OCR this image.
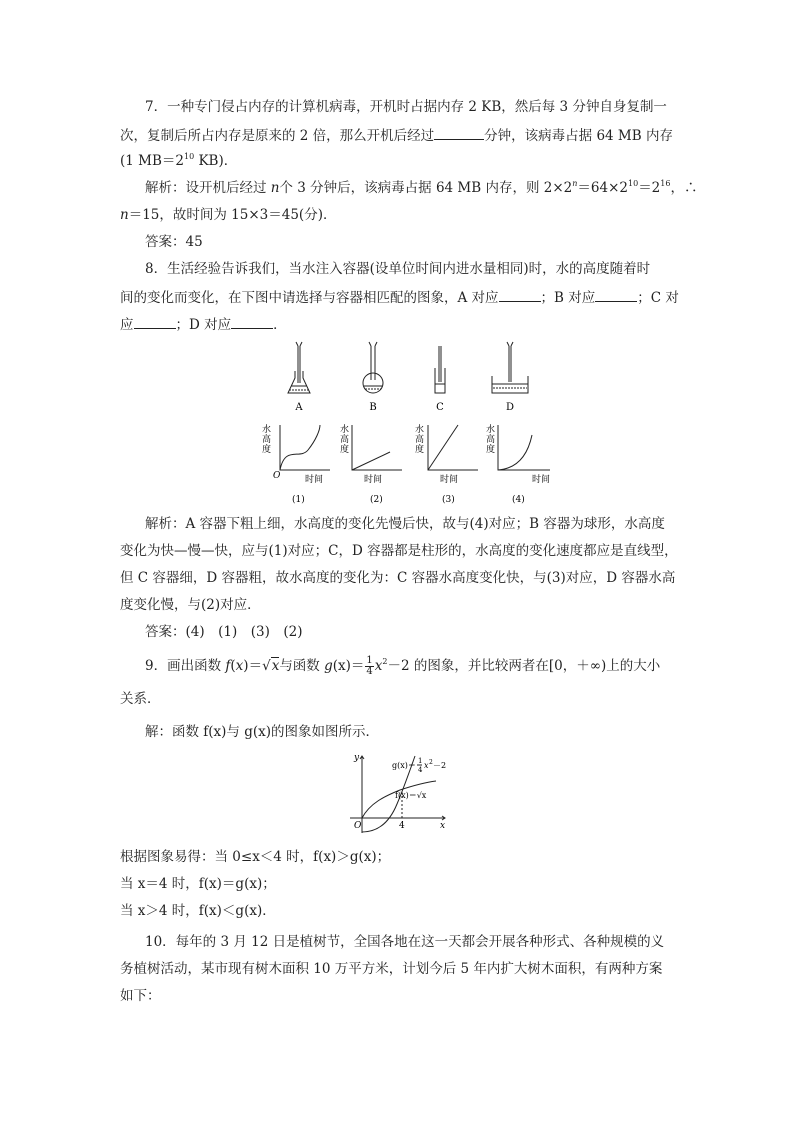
7．一种专门侵占内存的计算机病毒，开机时占据内存 2 KB，然后每 3 分钟自身复制一
次，复制后所占内存是原来的 2 倍，那么开机后经过	分钟，该病毒占据 64 MB 内存
(1 $MB=2^{10}$ KB)．
解析：设开机后经过 n个 3 分钟后，该病毒占据 64 MB 内存，则 $2\times 2^n=64\times 2^{10}=2^{16}$，∴
n＝15，故时间为 15×3＝45(分)．
答案：45
8．生活经验告诉我们，当水注入容器(设单位时间内进水量相同)时，水的高度随着时
间的变化而变化，在下图中请选择与容器相匹配的图象，A 对应	；B 对应	；C 对
应	；D 对应	．
A	B	C	D
水
高
度
O	时间
(1)
水
高
度
时间
(2)
水
高
度
时间
(3)
水
高
度
时间
(4)
解析：A 容器下粗上细，水高度的变化先慢后快，故与(4)对应；B 容器为球形，水高度
变化为快—慢—快，应与(1)对应；C，D 容器都是柱形的，水高度的变化速度都应是直线型，
但 C 容器细，D 容器粗，故水高度的变化为：C 容器水高度变化快，与(3)对应，D 容器水高
度变化慢，与(2)对应．
答案：(4)　(1)　(3)　(2)
9．画出函数 f(x)＝√x与函数 $g(x)= \frac{1}{4} x^2-2$ 的图象，并比较两者在[0，＋∞)上的大小
关系．
解：函数 f(x)与 g(x)的图象如图所示．
O
y
x
4
f(x)＝√x
g(x)＝ 1
4 x 2 －2
根据图象易得：当 0≤x＜4 时，f(x)＞g(x)；
当 x＝4 时，f(x)＝g(x)；
当 x＞4 时，f(x)＜g(x)．
10．每年的 3 月 12 日是植树节，全国各地在这一天都会开展各种形式、各种规模的义
务植树活动，某市现有树木面积 10 万平方米，计划今后 5 年内扩大树木面积，有两种方案
如下：
